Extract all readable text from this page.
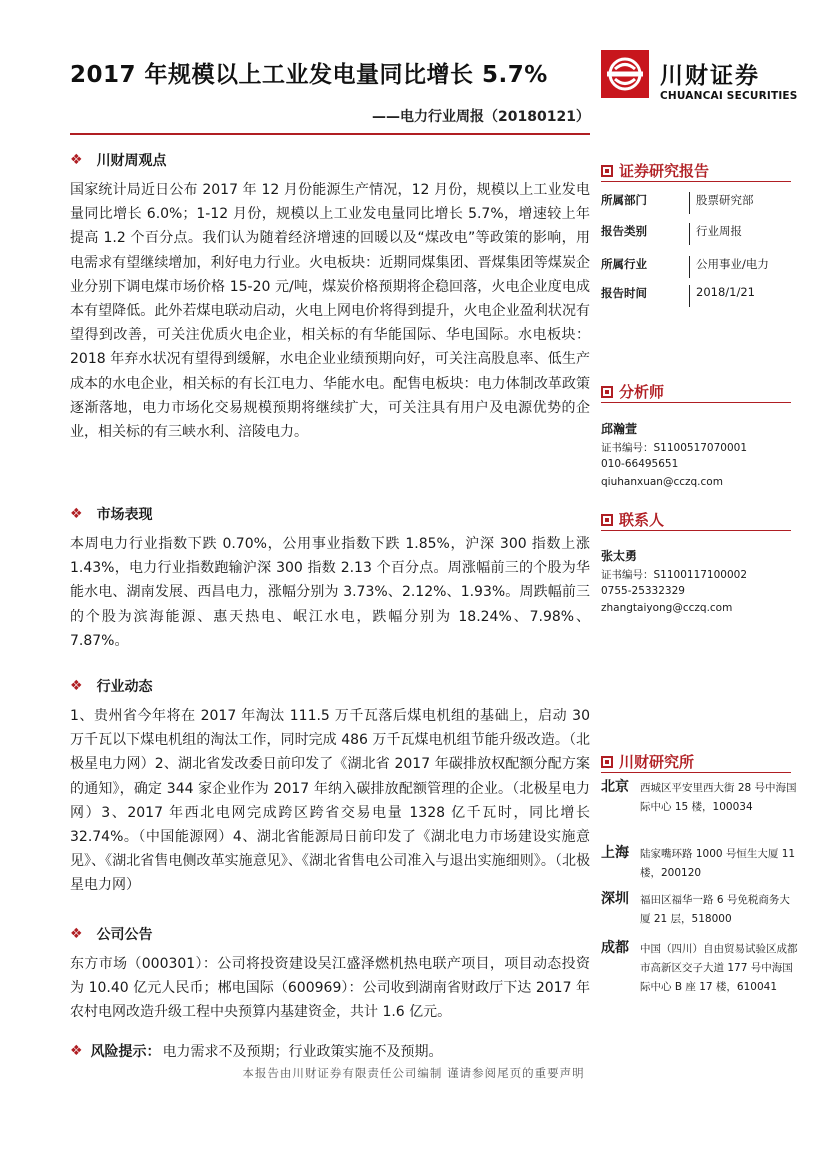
2017 年规模以上工业发电量同比增长 5.7%
——电力行业周报（20180121）
川财证券
CHUANCAI SECURITIES
❖ 川财周观点
国家统计局近日公布 2017 年 12 月份能源生产情况，12 月份，规模以上工业发电量同比增长 6.0%；1-12 月份，规模以上工业发电量同比增长 5.7%，增速较上年提高 1.2 个百分点。我们认为随着经济增速的回暖以及“煤改电”等政策的影响，用电需求有望继续增加，利好电力行业。火电板块：近期同煤集团、晋煤集团等煤炭企业分别下调电煤市场价格 15-20 元/吨，煤炭价格预期将企稳回落，火电企业度电成本有望降低。此外若煤电联动启动，火电上网电价将得到提升，火电企业盈利状况有望得到改善，可关注优质火电企业，相关标的有华能国际、华电国际。水电板块：2018 年弃水状况有望得到缓解，水电企业业绩预期向好，可关注高股息率、低生产成本的水电企业，相关标的有长江电力、华能水电。配售电板块：电力体制改革政策逐渐落地，电力市场化交易规模预期将继续扩大，可关注具有用户及电源优势的企业，相关标的有三峡水利、涪陵电力。
❖ 市场表现
本周电力行业指数下跌 0.70%，公用事业指数下跌 1.85%，沪深 300 指数上涨 1.43%，电力行业指数跑输沪深 300 指数 2.13 个百分点。周涨幅前三的个股为华能水电、湖南发展、西昌电力，涨幅分别为 3.73%、2.12%、1.93%。周跌幅前三的个股为滨海能源、惠天热电、岷江水电，跌幅分别为 18.24%、7.98%、7.87%。
❖ 行业动态
1、贵州省今年将在 2017 年淘汰 111.5 万千瓦落后煤电机组的基础上，启动 30 万千瓦以下煤电机组的淘汰工作，同时完成 486 万千瓦煤电机组节能升级改造。（北极星电力网）2、湖北省发改委日前印发了《湖北省 2017 年碳排放权配额分配方案的通知》，确定 344 家企业作为 2017 年纳入碳排放配额管理的企业。（北极星电力网）3、2017 年西北电网完成跨区跨省交易电量 1328 亿千瓦时，同比增长 32.74%。（中国能源网）4、湖北省能源局日前印发了《湖北电力市场建设实施意见》、《湖北省售电侧改革实施意见》、《湖北省售电公司准入与退出实施细则》。（北极星电力网）
❖ 公司公告
东方市场（000301）：公司将投资建设吴江盛泽燃机热电联产项目，项目动态投资为 10.40 亿元人民币；郴电国际（600969）：公司收到湖南省财政厅下达 2017 年农村电网改造升级工程中央预算内基建资金，共计 1.6 亿元。
❖ 风险提示： 电力需求不及预期；行业政策实施不及预期。
证券研究报告
所属部门	股票研究部
报告类别	行业周报
所属行业	公用事业/电力
报告时间	2018/1/21
分析师
邱瀚萱
证书编号：S1100517070001
010-66495651
qiuhanxuan@cczq.com
联系人
张太勇
证书编号：S1100117100002
0755-25332329
zhangtaiyong@cczq.com
川财研究所
北京 西城区平安里西大街 28 号中海国际中心 15 楼，100034
上海 陆家嘴环路 1000 号恒生大厦 11 楼，200120
深圳 福田区福华一路 6 号免税商务大厦 21 层，518000
成都 中国（四川）自由贸易试验区成都市高新区交子大道 177 号中海国际中心 B 座 17 楼，610041
本报告由川财证券有限责任公司编制 谨请参阅尾页的重要声明
